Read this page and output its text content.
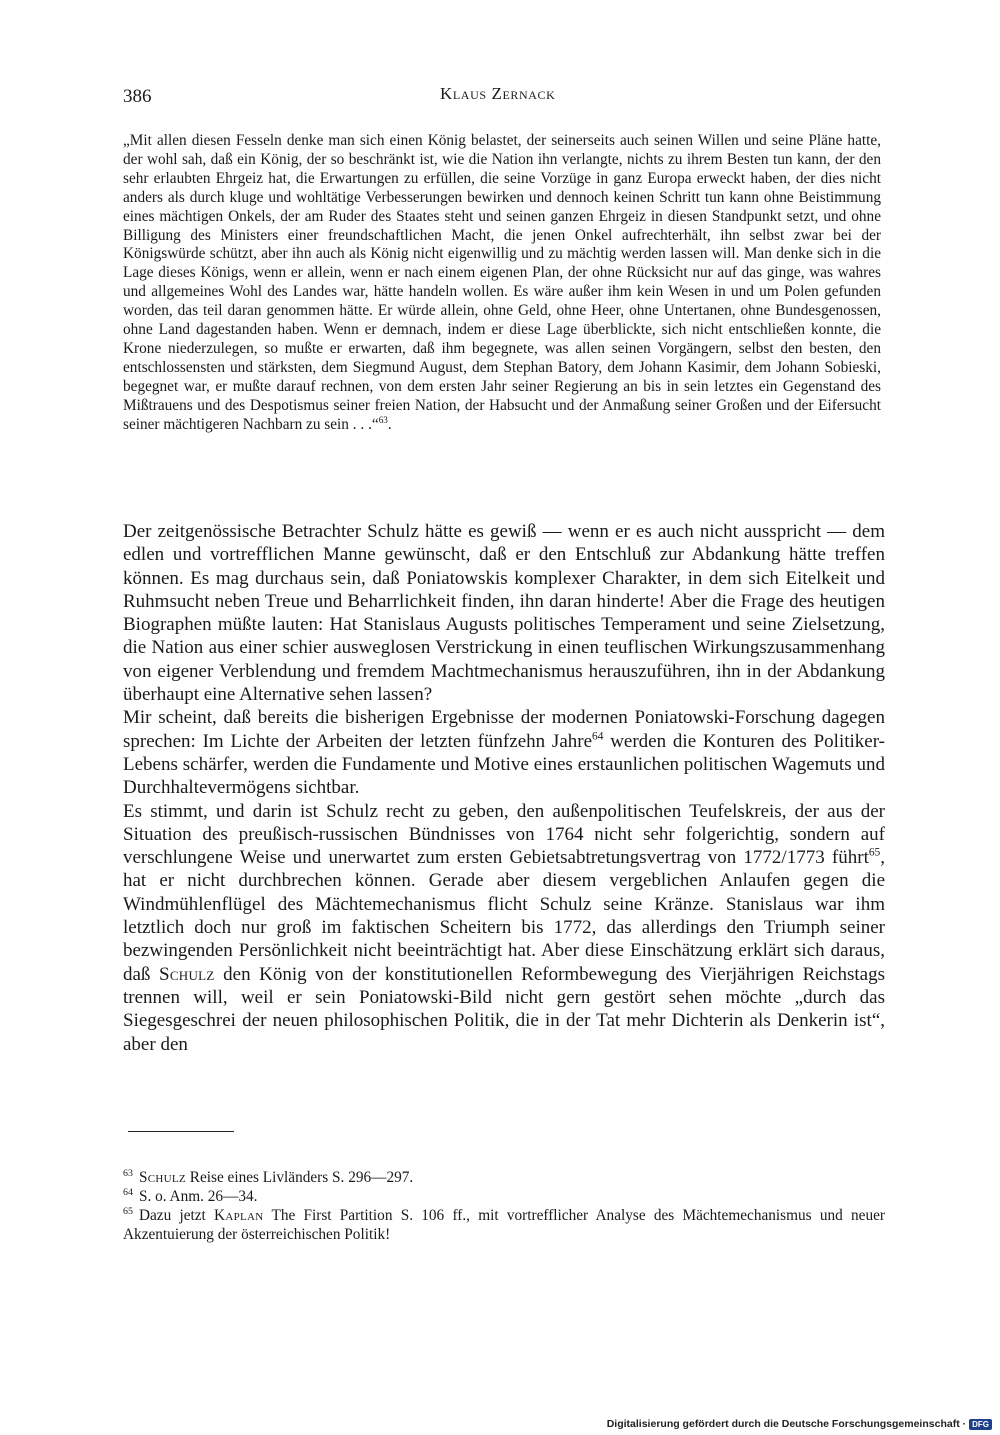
386	Klaus Zernack
„Mit allen diesen Fesseln denke man sich einen König belastet, der seinerseits auch seinen Willen und seine Pläne hatte, der wohl sah, daß ein König, der so beschränkt ist, wie die Nation ihn verlangte, nichts zu ihrem Besten tun kann, der den sehr erlaubten Ehrgeiz hat, die Erwartungen zu erfüllen, die seine Vorzüge in ganz Europa erweckt haben, der dies nicht anders als durch kluge und wohltätige Verbesserungen bewirken und dennoch keinen Schritt tun kann ohne Beistimmung eines mächtigen Onkels, der am Ruder des Staates steht und seinen ganzen Ehrgeiz in diesen Standpunkt setzt, und ohne Billigung des Ministers einer freundschaftlichen Macht, die jenen Onkel aufrechterhält, ihn selbst zwar bei der Königswürde schützt, aber ihn auch als König nicht eigenwillig und zu mächtig werden lassen will. Man denke sich in die Lage dieses Königs, wenn er allein, wenn er nach einem eigenen Plan, der ohne Rücksicht nur auf das ginge, was wahres und allgemeines Wohl des Landes war, hätte handeln wollen. Es wäre außer ihm kein Wesen in und um Polen gefunden worden, das teil daran genommen hätte. Er würde allein, ohne Geld, ohne Heer, ohne Untertanen, ohne Bundesgenossen, ohne Land dagestanden haben. Wenn er demnach, indem er diese Lage überblickte, sich nicht entschließen konnte, die Krone niederzulegen, so mußte er erwarten, daß ihm begegnete, was allen seinen Vorgängern, selbst den besten, den entschlossensten und stärksten, dem Siegmund August, dem Stephan Batory, dem Johann Kasimir, dem Johann Sobieski, begegnet war, er mußte darauf rechnen, von dem ersten Jahr seiner Regierung an bis in sein letztes ein Gegenstand des Mißtrauens und des Despotismus seiner freien Nation, der Habsucht und der Anmaßung seiner Großen und der Eifersucht seiner mächtigeren Nachbarn zu sein . . .“$^{63}$.

Der zeitgenössische Betrachter Schulz hätte es gewiß — wenn er es auch nicht ausspricht — dem edlen und vortrefflichen Manne gewünscht, daß er den Entschluß zur Abdankung hätte treffen können. Es mag durchaus sein, daß Poniatowskis komplexer Charakter, in dem sich Eitelkeit und Ruhmsucht neben Treue und Beharrlichkeit finden, ihn daran hinderte! Aber die Frage des heutigen Biographen müßte lauten: Hat Stanislaus Augusts politisches Temperament und seine Zielsetzung, die Nation aus einer schier ausweglosen Verstrickung in einen teuflischen Wirkungszusammenhang von eigener Verblendung und fremdem Machtmechanismus herauszuführen, ihn in der Abdankung überhaupt eine Alternative sehen lassen?

Mir scheint, daß bereits die bisherigen Ergebnisse der modernen Poniatowski-Forschung dagegen sprechen: Im Lichte der Arbeiten der letzten fünfzehn Jahre$^{64}$ werden die Konturen des Politiker-Lebens schärfer, werden die Fundamente und Motive eines erstaunlichen politischen Wagemuts und Durchhaltevermögens sichtbar.

Es stimmt, und darin ist Schulz recht zu geben, den außenpolitischen Teufelskreis, der aus der Situation des preußisch-russischen Bündnisses von 1764 nicht sehr folgerichtig, sondern auf verschlungene Weise und unerwartet zum ersten Gebietsabtretungsvertrag von 1772/1773 führt$^{65}$, hat er nicht durchbrechen können. Gerade aber diesem vergeblichen Anlaufen gegen die Windmühlenflügel des Mächtemechanismus flicht Schulz seine Kränze. Stanislaus war ihm letztlich doch nur groß im faktischen Scheitern bis 1772, das allerdings den Triumph seiner bezwingenden Persönlichkeit nicht beeinträchtigt hat. Aber diese Einschätzung erklärt sich daraus, daß Schulz den König von der konstitutionellen Reformbewegung des Vierjährigen Reichstags trennen will, weil er sein Poniatowski-Bild nicht gern gestört sehen möchte „durch das Siegesgeschrei der neuen philosophischen Politik, die in der Tat mehr Dichterin als Denkerin ist“, aber den

$^{63}$ Schulz Reise eines Livländers S. 296—297.

$^{64}$ S. o. Anm. 26—34.

$^{65}$ Dazu jetzt Kaplan The First Partition S. 106 ff., mit vortrefflicher Analyse des Mächtemechanismus und neuer Akzentuierung der österreichischen Politik!

Digitalisierung gefördert durch die Deutsche Forschungsgemeinschaft · DFG
